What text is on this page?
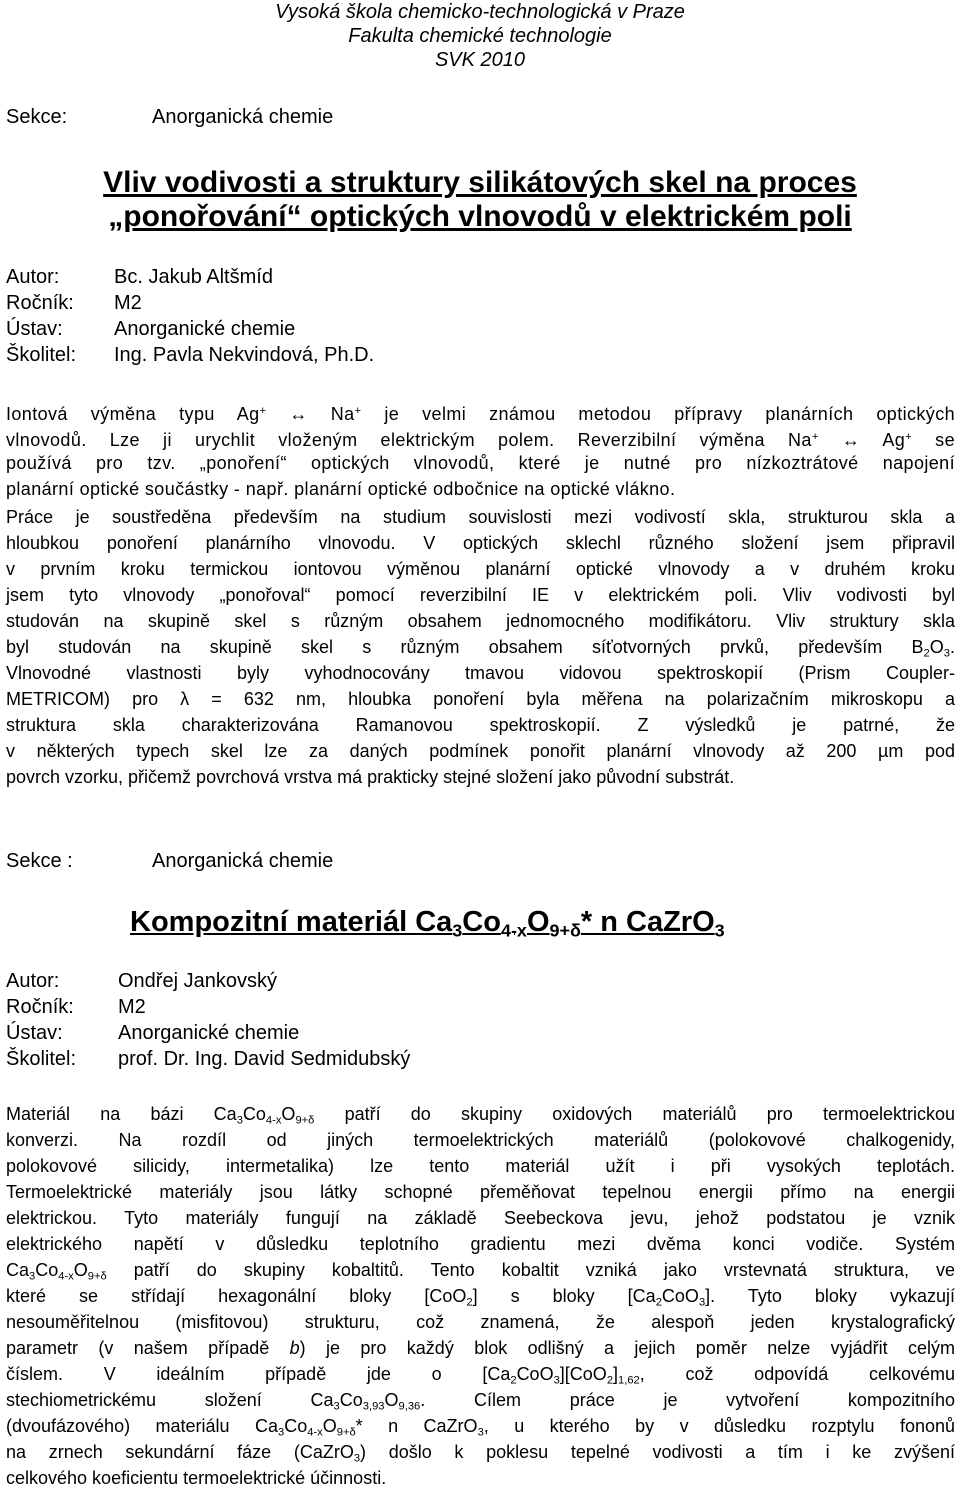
Vysoká škola chemicko-technologická v Praze
Fakulta chemické technologie
SVK 2010
Sekce:	Anorganická chemie
Vliv vodivosti a struktury silikátových skel na proces
„ponořování“ optických vlnovodů v elektrickém poli
Autor:	Bc. Jakub Altšmíd
Ročník: M2
Ústav:	Anorganické chemie
Školitel: Ing. Pavla Nekvindová, Ph.D.
Iontová výměna typu Ag+ ↔ Na+ je velmi známou metodou přípravy planárních optických
vlnovodů. Lze ji urychlit vloženým elektrickým polem. Reverzibilní výměna Na+ ↔ Ag+ se
používá pro tzv. „ponoření“ optických vlnovodů, které je nutné pro nízkoztrátové napojení
planární optické součástky - např. planární optické odbočnice na optické vlákno.
Práce je soustředěna především na studium souvislosti mezi vodivostí skla, strukturou skla a
hloubkou ponoření planárního vlnovodu. V optických sklechl různého složení jsem připravil
v prvním kroku termickou iontovou výměnou planární optické vlnovody a v druhém kroku
jsem tyto vlnovody „ponořoval“ pomocí reverzibilní IE v elektrickém poli. Vliv vodivosti byl
studován na skupině skel s různým obsahem jednomocného modifikátoru. Vliv struktury skla
byl studován na skupině skel s různým obsahem síťotvorných prvků, především $B_2O_3$.
Vlnovodné vlastnosti byly vyhodnocovány tmavou vidovou spektroskopií (Prism Coupler-
METRICOM) pro λ = 632 nm, hloubka ponoření byla měřena na polarizačním mikroskopu a
struktura skla charakterizována Ramanovou spektroskopií. Z výsledků je patrné, že
v některých typech skel lze za daných podmínek ponořit planární vlnovody až 200 µm pod
povrch vzorku, přičemž povrchová vrstva má prakticky stejné složení jako původní substrát.
Sekce :	Anorganická chemie
Kompozitní materiál $Ca_3Co_{4-x}O_{9+\delta}*$ n CaZrO$_3$
Autor:	Ondřej Jankovský
Ročník: M2
Ústav:	Anorganické chemie
Školitel: prof. Dr. Ing. David Sedmidubský
Materiál na bázi $Ca_3Co_{4-x}O_{9+\delta}$ patří do skupiny oxidových materiálů pro termoelektrickou
konverzi. Na rozdíl od jiných termoelektrických materiálů (polokovové chalkogenidy,
polokovové silicidy, intermetalika) lze tento materiál užít i při vysokých teplotách.
Termoelektrické materiály jsou látky schopné přeměňovat tepelnou energii přímo na energii
elektrickou. Tyto materiály fungují na základě Seebeckova jevu, jehož podstatou je vznik
elektrického napětí v důsledku teplotního gradientu mezi dvěma konci vodiče. Systém
$Ca_3Co_{4-x}O_{9+\delta}$ patří do skupiny kobaltitů. Tento kobaltit vzniká jako vrstevnatá struktura, ve
které se střídají hexagonální bloky [CoO$_2$] s bloky $[Ca_2CoO_3]$. Tyto bloky vykazují
nesouměřitelnou (misfitovou) strukturu, což znamená, že alespoň jeden krystalografický
parametr (v našem případě b) je pro každý blok odlišný a jejich poměr nelze vyjádřit celým
číslem. V ideálním případě jde o $[Ca_2CoO_3][CoO_2]_{1,62}$, což odpovídá celkovému
stechiometrickému složení $Ca_3Co_{3,93}O_{9,36}$. Cílem práce je vytvoření kompozitního
(dvoufázového) materiálu $Ca_3Co_{4-x}O_{9+\delta}*$ n CaZrO$_3$, u kterého by v důsledku rozptylu fononů
na zrnech sekundární fáze (CaZrO$_3$) došlo k poklesu tepelné vodivosti a tím i ke zvýšení
celkového koeficientu termoelektrické účinnosti.
